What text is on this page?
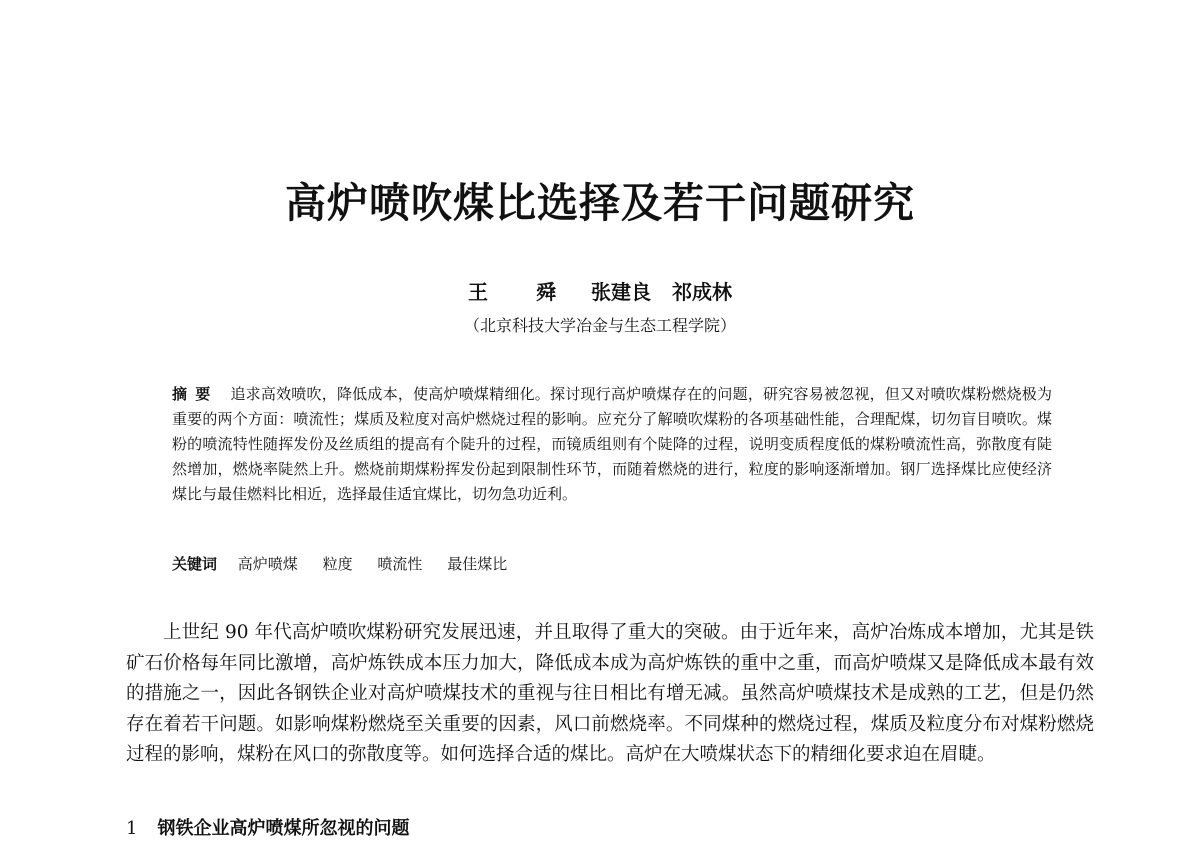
高炉喷吹煤比选择及若干问题研究
王　舜 张建良 祁成林
（北京科技大学冶金与生态工程学院）
摘要 追求高效喷吹，降低成本，使高炉喷煤精细化。探讨现行高炉喷煤存在的问题，研究容易被忽视，但又对喷吹煤粉燃烧极为重要的两个方面：喷流性；煤质及粒度对高炉燃烧过程的影响。应充分了解喷吹煤粉的各项基础性能，合理配煤，切勿盲目喷吹。煤粉的喷流特性随挥发份及丝质组的提高有个陡升的过程，而镜质组则有个陡降的过程，说明变质程度低的煤粉喷流性高，弥散度有陡然增加，燃烧率陡然上升。燃烧前期煤粉挥发份起到限制性环节，而随着燃烧的进行，粒度的影响逐渐增加。钢厂选择煤比应使经济煤比与最佳燃料比相近，选择最佳适宜煤比，切勿急功近利。
关键词 高炉喷煤 粒度 喷流性 最佳煤比
上世纪 90 年代高炉喷吹煤粉研究发展迅速，并且取得了重大的突破。由于近年来，高炉冶炼成本增加，尤其是铁矿石价格每年同比激增，高炉炼铁成本压力加大，降低成本成为高炉炼铁的重中之重，而高炉喷煤又是降低成本最有效的措施之一，因此各钢铁企业对高炉喷煤技术的重视与往日相比有增无减。虽然高炉喷煤技术是成熟的工艺，但是仍然存在着若干问题。如影响煤粉燃烧至关重要的因素，风口前燃烧率。不同煤种的燃烧过程，煤质及粒度分布对煤粉燃烧过程的影响，煤粉在风口的弥散度等。如何选择合适的煤比。高炉在大喷煤状态下的精细化要求迫在眉睫。
1 钢铁企业高炉喷煤所忽视的问题
